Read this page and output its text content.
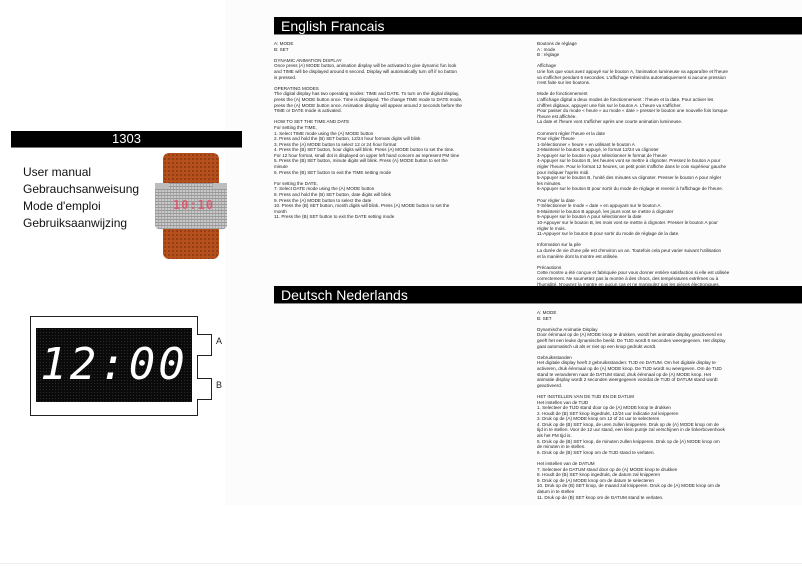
1303
User manual
Gebrauchsanweisung
Mode d'emploi
Gebruiksaanwijzing
10:10
12:00	A
B
English Francais
Deutsch Nederlands
A: MODE
B: SET
DYNAMIC ANIMATION DISPLAY
Once press (A) MODE button, animation display will be activated to give dynamic fun look
and TIME will be displayed around 6 second. Display will automatically turn off if no button
is pressed.
OPERATING MODES
The digital display has two operating modes: TIME and DATE. To turn on the digital display,
press the (A) MODE button once. Time is displayed. The change TIME mode to DATE mode,
press the (A) MODE button once. Animation display will appear around 2 seconds before the
TIME or DATE mode is activated.
HOW TO SET THE TIME AND DATE
For setting the TIME,
1. Select TIME mode using the (A) MODE button
2. Press and hold the (B) SET button, 12/24 hour formats digits will blink
3. Press the (A) MODE button to select 12 or 24 hour format
4. Press the (B) SET button, hour digits will blink. Press (A) MODE button to set the time.
For 12 hour format, small dot is displayed on upper left hand concern as represent PM time
5. Press the (B) SET button, minute digits will blink. Press (A) MODE button to set the
minute
6. Press the (B) SET button to exit the TIME setting mode
For setting the DATE,
7. Select DATE mode using the (A) MODE button
8. Press and hold the (B) SET button, date digits will blink
9. Press the (A) MODE button to select the date
10. Press the (B) SET button, month digits will blink. Press (A) MODE button to set the
month
11. Press the (B) SET button to exit the DATE setting mode
Boutons de réglage
A : mode
B : réglage
Affichage
Une fois que vous avez appuyé sur le bouton A, l'animation lumineuse va apparaître et l'heure
va s'afficher pendant 6 secondes. L'affichage s'éteindra automatiquement si aucune pression
n'est faite sur les boutons.
Mode de fonctionnement
L'affichage digital a deux modes de fonctionnement : l'heure et la date. Pour activer les
chiffres digitaux, appuyer une fois sur le bouton A. L'heure va s'afficher.
Pour passer du mode « heure » au mode « date » presser le bouton une nouvelle fois lorsque
l'heure est affichée.
La date et l'heure vont s'afficher après une courte animation lumineuse.
Comment régler l'heure et la date
Pour régler l'heure
1-Sélectionner « heure » en utilisant le bouton A
2-Maintenir le bouton B appuyé, le format 12/24 va clignoter
3-Appuyer sur le bouton A pour sélectionner le format de l'heure
4-Appuyer sur le bouton B, les heures vont se mettre à clignoter. Pressez le bouton A pour
régler l'heure. Pour le format 12 heures, un petit point s'affiche dans le coin supérieur gauche
pour indiquer l'après midi.
5-Appuyer sur le bouton B, l'unité des minutes va clignoter. Presser le bouton A pour régler
les minutes.
6-Appuyer sur le bouton B pour sortir du mode de réglage et revenir à l'affichage de l'heure.
Pour régler la date
7-Sélectionner le mode « date » en appuyant sur le bouton A
8-Maintenir le bouton B appuyé, les jours vont se mettre à clignoter
9-Appuyer sur le bouton A pour sélectionner la date
10-Appuyer sur le bouton B, les mois vont se mettre à clignoter. Presser le bouton A pour
régler le mois.
11-Appuyer sur le bouton B pour sortir du mode de réglage de la date.
Information sur la pile
La durée de vie d'une pile est d'environ un an. Toutefois cela peut varier suivant l'utilisation
et la manière dont la montre est utilisée.
Précautions
Cette montre a été conçue et fabriquée pour vous donner entière satisfaction si elle est utilisée
correctement. Ne soumettez pas la montre à des chocs, des températures extrêmes ou à
l'humidité. N'ouvrez la montre en aucun cas et ne manipulez pas les pièces électroniques.
A: MODE
B: SET
Dynamische Animatie Display
Door éénmaal op de (A) MODE knop te drukken, wordt het animatie display geactiveerd en
geeft het een leuke dynamische beeld. De TIJD wordt 6 seconden weergegeven. Het display
gaat automatisch uit als er niet op een knop gedrukt wordt.
Gebruiksstanden
Het digitale display heeft 2 gebruiksstanden: TIJD en DATUM. Om het digitale display te
activeren, druk éénmaal op de (A) MODE knop. De TIJD wordt nu weergeven. Om de TIJD
stand te veranderen naar de DATUM stand, druk éénmaal op de (A) MODE knop. Het
animatie display wordt 2 seconden weergegeven voordat de TIJD of DATUM stand wordt
geactiveerd.
HET INSTELLEN VAN DE TIJD EN DE DATUM
Het instellen van de TIJD
1. Selecteer de TIJD stand door op de (A) MODE knop te drukken
2. Houdt de (B) SET knop ingedrukt, 12/24 uur indicatie zal knipperen
3. Druk op de (A) MODE knop om 12 of 24 uur te selecteren
4. Druk op de (B) SET knop, de uren zullen knipperen. Druk op de (A) MODE knop om de
tijd in te stellen. Voor de 12 uur stand, een klein puntje zal verschijnen in de linkerbovenhoek
als het PM tijd is.
5. Druk op de (B) SET knop, de minuten zullen knipperen. Druk op de (A) MODE knop om
de minuten in te stellen.
6. Druk op de (B) SET knop om de TIJD stand te verlaten.
Het instellen van de DATUM
7. Selecteer de DATUM stand door op de (A) MODE knop te drukken
8. Houdt de (B) SET knop ingedrukt, de datum zal knipperen
9. Druk op de (A) MODE knop om de datum te selecteren
10. Druk op de (B) SET knop, de maand zal knipperen. Druk op de (A) MODE knop om de
datum in te stellen
11. Druk op de (B) SET knop om de DATUM stand te verlaten.
